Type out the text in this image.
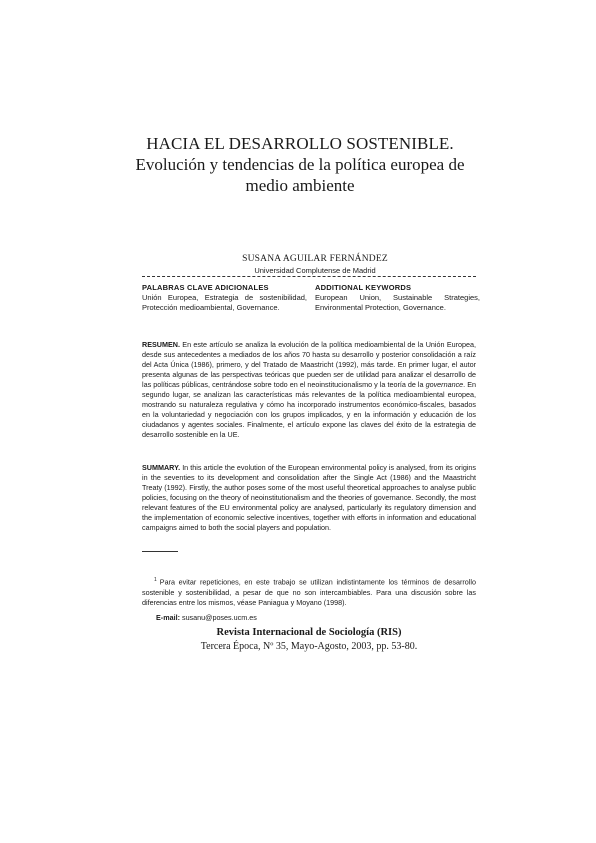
HACIA EL DESARROLLO SOSTENIBLE.

Evolución y tendencias de la política europea de

medio ambiente

SUSANA AGUILAR FERNÁNDEZ

Universidad Complutense de Madrid

PALABRAS CLAVE ADICIONALES

Unión Europea, Estrategia de sostenibilidad, Protección medioambiental, Governance.

ADDITIONAL KEYWORDS

European Union, Sustainable Strategies, Environmental Protection, Governance.

RESUMEN. En este artículo se analiza la evolución de la política medioambiental de la Unión Europea, desde sus antecedentes a mediados de los años 70 hasta su desarrollo y posterior consolidación a raíz del Acta Única (1986), primero, y del Tratado de Maastricht (1992), más tarde. En primer lugar, el autor presenta algunas de las perspectivas teóricas que pueden ser de utilidad para analizar el desarrollo de las políticas públicas, centrándose sobre todo en el neoinstitucionalismo y la teoría de la governance. En segundo lugar, se analizan las características más relevantes de la política medioambiental europea, mostrando su naturaleza regulativa y cómo ha incorporado instrumentos económico-fiscales, basados en la voluntariedad y negociación con los grupos implicados, y en la información y educación de los ciudadanos y agentes sociales. Finalmente, el artículo expone las claves del éxito de la estrategia de desarrollo sostenible en la UE.

SUMMARY. In this article the evolution of the European environmental policy is analysed, from its origins in the seventies to its development and consolidation after the Single Act (1986) and the Maastricht Treaty (1992). Firstly, the author poses some of the most useful theoretical approaches to analyse public policies, focusing on the theory of neoinstitutionalism and the theories of governance. Secondly, the most relevant features of the EU environmental policy are analysed, particularly its regulatory dimension and the implementation of economic selective incentives, together with efforts in information and educational campaigns aimed to both the social players and population.

$^1$ Para evitar repeticiones, en este trabajo se utilizan indistintamente los términos de desarrollo sostenible y sostenibilidad, a pesar de que no son intercambiables. Para una discusión sobre las diferencias entre los mismos, véase Paniagua y Moyano (1998).

E-mail: susanu@poses.ucm.es

Revista Internacional de Sociología (RIS)

Tercera Época, Nº 35, Mayo-Agosto, 2003, pp. 53-80.
